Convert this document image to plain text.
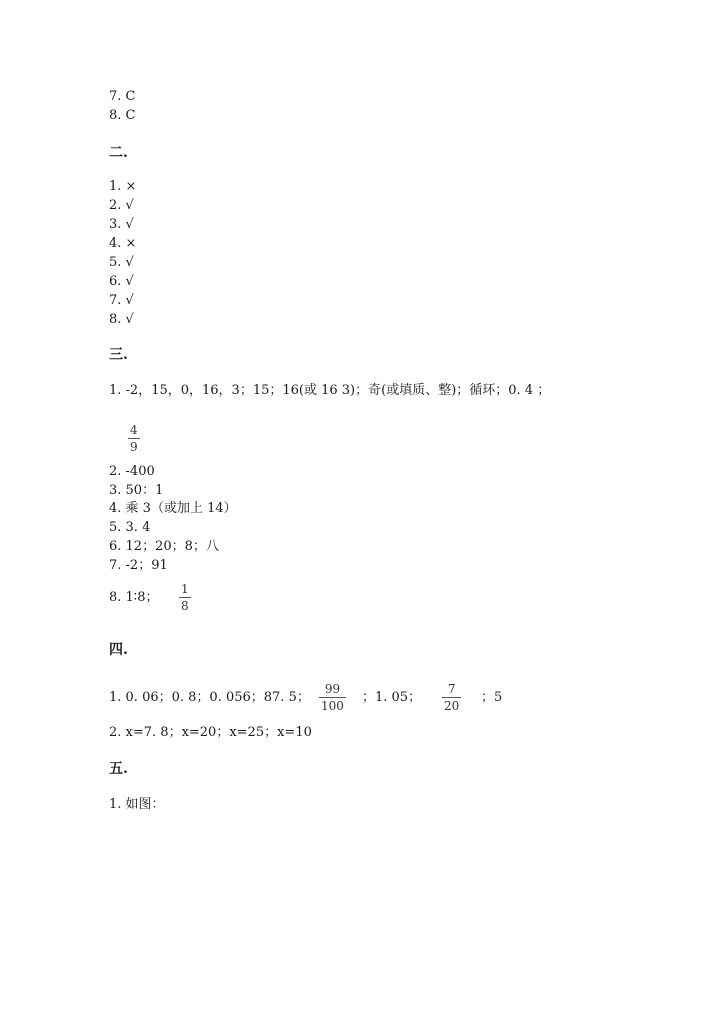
7. C
8. C
二.
1. ×
2. √
3. √
4. ×
5. √
6. √
7. √
8. √
三.
1. -2，15，0，16，3；15；16(或 16 3)；奇(或填质、整)；循环；0. 4 ；
4
9
2. -400
3. 50：1
4. 乘 3（或加上 14）
5. 3. 4
6. 12；20；8；八
7. -2；91
8. 1∶8；
1
8
四.
1. 0. 06；0. 8；0. 056；87. 5；
99
100
；1. 05；
7
20
；5
2. x=7. 8；x=20；x=25；x=10
五.
1. 如图：
